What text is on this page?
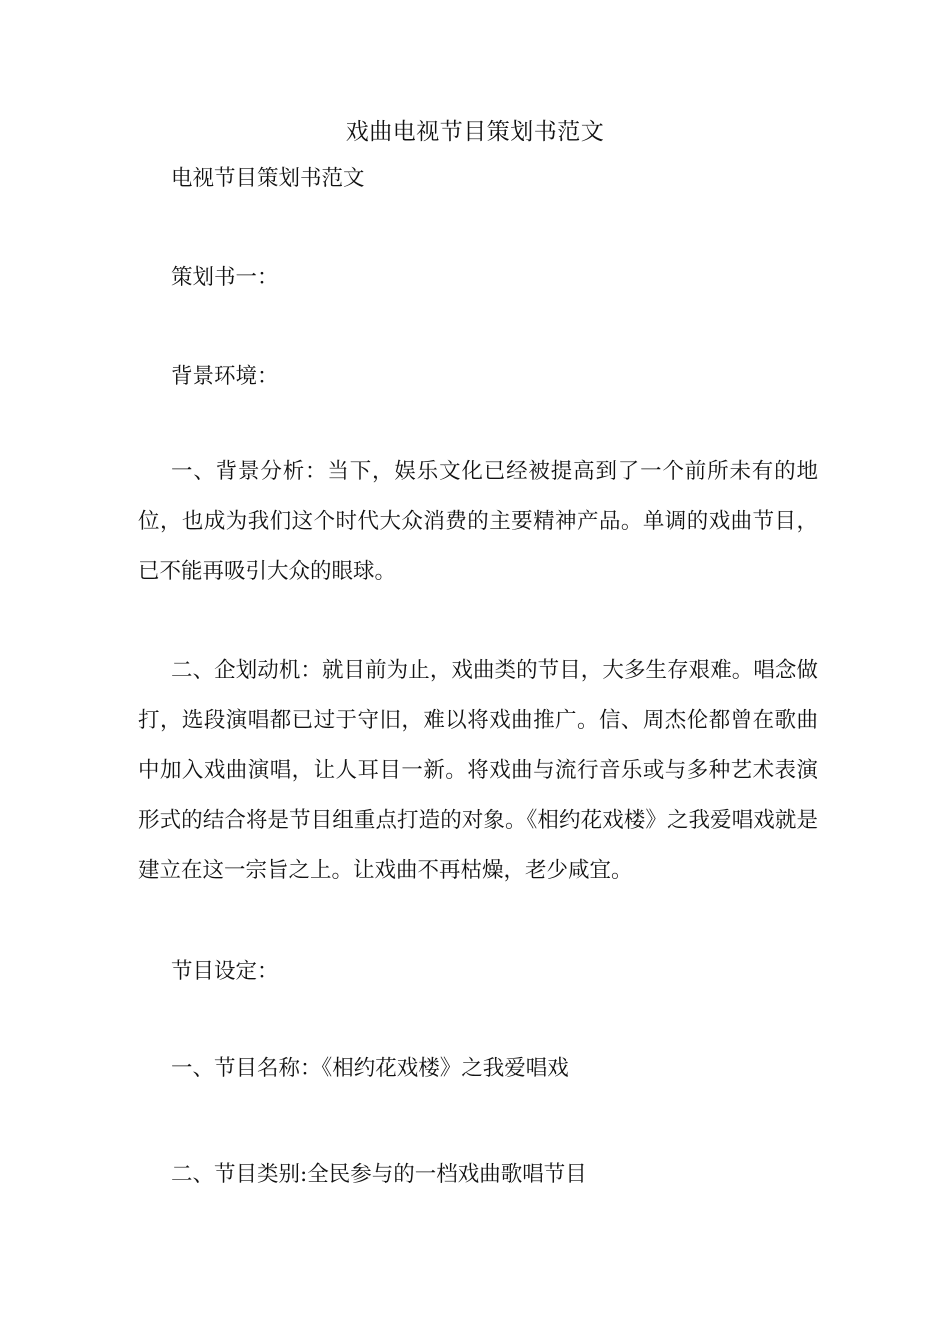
戏曲电视节目策划书范文
电视节目策划书范文
策划书一：
背景环境：
一、背景分析：当下，娱乐文化已经被提高到了一个前所未有的地位，也成为我们这个时代大众消费的主要精神产品。单调的戏曲节目，已不能再吸引大众的眼球。
二、企划动机：就目前为止，戏曲类的节目，大多生存艰难。唱念做打，选段演唱都已过于守旧，难以将戏曲推广。信、周杰伦都曾在歌曲中加入戏曲演唱，让人耳目一新。将戏曲与流行音乐或与多种艺术表演形式的结合将是节目组重点打造的对象。《相约花戏楼》之我爱唱戏就是建立在这一宗旨之上。让戏曲不再枯燥，老少咸宜。
节目设定：
一、节目名称：《相约花戏楼》之我爱唱戏
二、节目类别:全民参与的一档戏曲歌唱节目
